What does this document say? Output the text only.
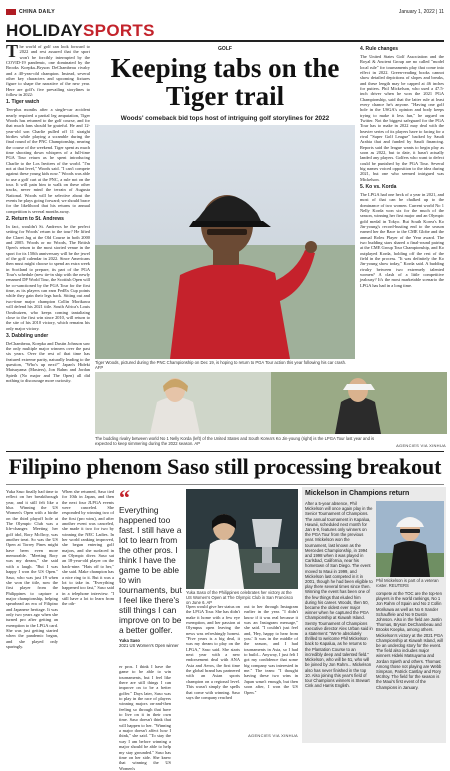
CHINA DAILY	January 1, 2022 | 11
HOLIDAYSPORTS

The world of golf can look forward to 2022 and rest assured that the sport won't be forcibly interrupted by the COVID-19 pandemic, one dominated by the Brooks Koepka–Bryson DeChambeau rivalry and a 40-year-old champion. Instead, several other key characters and upcoming fixtures figure to shape the narrative of the new year. Here are golf's five prevailing storylines to follow in 2022:

1. Tiger watch

Ten-plus months after a single-car accident nearly required a partial leg amputation, Tiger Woods has returned to the golf course, and for that much fans should be grateful. He and 12-year-old son Charlie pulled off 11 straight birdies while playing a scramble during the final round of the PNC Championship, nearing the course of the weekend. Tiger spent as much time shooting down whispers of a full-time PGA Tour return as he spent introducing Charlie to the Los Invitees of the world. "I'm not at that level," Woods said. "I can't compete against these young kids now." Woods was able to use a golf cart at the PNC, a rule not on the tour. It will pain him to walk on these other tracks, never mind the terrain of Augusta National. Woods will be selective about the events he plays going forward; we should brace for the likelihood that his returns to annual competition is several months away.

2. Return to St. Andrews

In fact, wouldn't St. Andrews be the perfect setting for Woods' return to the tour? He lifted the Claret Jug at the Old Course in both 2000 and 2005. Woods or no Woods, The British Open's return to the most storied venue in the sport for its 150th anniversary will be the jewel of the golf calendar in 2022. Since Americans then must might choose to spend an extra week in Scotland to prepare, its part of the PGA Tour's schedule (new tie-in ship with the newly renamed DP World Tour, the Scottish Open will be co-sanctioned by the PGA Tour for the first time, as its players can earn FedEx Cup points while they gain their legs back. Sitting out and two-time major champion Collin Morikawa will defend his 2021 title. South Africa's Louis Oosthuizen, who keeps coming tantalizing close to the first win since 2010, will return to the site of his 2010 victory, which remains his only major victory.

3. Dabbling under

DeChambeau, Koepka and Dustin Johnson saw the only multiple major winners over the past six years. Over the rest of that time has featured extreme parity, naturally leading to the question, "Who's up next?" Japan's Hideki Matsuyama (Masters), Jon Rahm and Jordan Spieth (No major and The Open) all did nothing to discourage more curiosity.

GOLF
Keeping tabs on the Tiger trail
Woods' comeback bid tops host of intriguing golf storylines for 2022
Tiger Woods, pictured during the PNC Championship on Dec 19, is hoping to return to PGA Tour action this year following his car crash. AFP
The budding rivalry between world No 1 Nelly Korda (left) of the United States and South Korea's Ko Jin-young (right) is the LPGA Tour last year and is expected to keep simmering during the 2022 season. AP	AGENCIES VIA XINHUA
4. Rule changes

The United States Golf Association and the Royal & Ancient Group are no called "model local rule" for tournaments play that come into effect in 2022. Green-reading books cannot show detailed depictions of slopes and breaks, and these length may be capped at 46 inches for putters. Phil Mickelson, who used a 47.5-inch driver when he won the 2021 PGA Championship, said that the latter rule at least every chance he's anyone. "Having one golf hole in the USGA's opinion and body keeps trying to make it less fun," he argued on Twitter. Not the biggest safeguard for the PGA Tour has to make in 2022 may deal with the heavier series of its players have to facing for a rival "Super Golf League" backed by Saudi Arabia that and funded by Saudi financing. Reports said the league wants to begin play as soon as 2022, but to date, it hasn't actually landed any players. Golfers who want to defect could be punished by the PGA Tour. Several big names voiced opposition to the idea during 2021, but one who seemed intrigued was Mickelson.

5. Ko vs. Korda

The LPGA had one heck of a year in 2021, and most of that can be chalked up to the dominance of two women. Current world No 1 Nelly Korda won six for the much of the season, winning her first major and an Olympic gold medal in Tokyo. But South Korea's Ko Jin-young's record-busting end to the season earned her the Race to the CME Globe and the annual Rolex Player of the Year award. The two budding stars shared a final-round pairing at the CME Group Tour Championship, and Ko outplayed Korda, holding off the rest of the field in the process. "It was definitely the Ko Jin-young show today," Korda said. A budding rivalry between two extremely talented women? A clash of a little competitive jealousy? It's the most marketable scenario the LPGA has had in a long time.

Filipino phenom Saso still processing breakout

Yuka Saso finally had time to reflect on her breakthrough year, and it still felt like a blur. Winning the US Women's Open with a birdie on the third playoff hole at The Olympic Club was a life-changer. Meeting her golf idol, Rory McIlroy, was another treat. So was the US Open at Torrey Pines might have been even more memorable. "Meeting Rory was my dream," she said with a laugh. "But I was happy I won the US Open." Saso, who was just 19 when she won the title, now the first player from the Philippines to capture a major championship, helping spearhead an era of Filipino and Japanese heritage. It was only two years ago when she turned pro after getting an exemption to the LPGA card. She was just getting started when the pandemic began, and she played only sparingly.

When she returned, Saso tied for 10th in Japan, and then the next four JLPGA events were canceled. She responded by winning two of the first (pro wins), and after another event was canceled, she made it two for two by winning the NEC Ladies. In her world ranking improved, she began entering golf majors, and she surfaced in an Olympic diver. Saso sat an 18-year-old player on the back-nine. "Hats off to her," she said. Make champion has a nice ring to it. But it was a lot to take in. "Everything happened too fast," Saso said in a telephone interview. "I still have a lot to learn from the oth-

“
Everything happened too fast. I still have a lot to learn from the other pros. I think I have the game to be able to win tournaments, but I feel like there's still things I can improve on to be a better golfer.
Yuka Saso
2021 US Women's Open winner

er pros. I think I have the game to be able to win tournaments, but I feel like there are still things I can improve on to be a better golfer." Days later, Saso was to play in the race of players winning majors on-and-then feeling so through that have to live on it in their own time. Saso doesn't think that will happen to her. "Winning a major doesn't affect how I think," she said. "To stay the way I am before winning a major should be able to help my stay grounded." Saso has time on her side. She knew that winning the US Women's

Yuka Saso of the Philippines celebrates her victory at the US Women's Open at The Olympic Club in San Francisco on June 6. AP

Open would give her status on the LPGA Tour. She has didn't make it home with a few eye exemption, and her passion at Olympus open leaving the news was refreshingly honest. "Five years is a big deal, it was my dream to play on the LPGA," Saso said. She starts next year with a new endorsement deal with ANA Asia and Aeros, the first time the global brand has partnered with an Asian sports champion on a regional level. This wasn't simply the spells that come with winning. Saso says the company reached

out to her through Instagram earlier in the year. "I didn't know if it was real because it was an Instagram message," she said. "I couldn't just feel and, 'Hey, happy to hear from you.' It was in the middle of the season, and I had tournaments in Asia, so I had to build... Anyway, I just felt I got my confidence that some big company was interested in me." The team: "I thought having these two wins in Japan wasn't enough, but then soon after, I won the US Open."

AGENCIES VIA XINHUA
Mickelson in Champions return

After a 5-year absence, Phil Mickelson will once again play in the Senior Tournament of Champions. The annual tournament in Kapalua, Hawaii, scheduled next month for Jan 6-9, features only winners on the PGA Tour from the previous year. Mickelson won the tournament, last known as the Mercedes Championship, in 1994 and 1998 when it was played in Carlsbad, California, near his hometown of San Diego. The event moved to Maui in 1999, and Mickelson last competed in it in 2001, though he had been eligible to play there several times since then. Winning the event has been one of the few things that eluded him during his career. Woods, then 50, became the oldest ever major winner when he captured the PGA Championship at Kiawah Island. Sentry Tournament of Champions executive director Alex Urban said in a statement: "We're absolutely thrilled to welcome Phil Mickelson back to Kapalua, as he returns to the Plantation Course to an incredibly deep and talented field." Mickelson, who will be 51, who will be joined by Jon Rahm... Mickelson also has never finished in the top 10. Also joining this year's field of tour Champions winners is Stewart Cink and Harris English.

Phil Mickelson is part of a veteran roster. REUTERS

compete at the TOC are the top-ten players in the world rankings, No 1 Jon Rahm of Spain and No 2 Collin Morikawa as well as No 6 Xander Schauffele and No 9 Dustin Johnson. Also in the field are Justin Thomas, Bryson DeChambeau and Brooks Koepka, among others. Mickelson's victory at the 2021 PGA Championship at Kiawah Island, will be an underdog story for the event. The field also includes major winners Hideki Matsuyama and Jordan Spieth and others. Thomas: Among those not playing are Webb Simpson, Patrick Cantlay and Rory McIlroy. The field for the season is the Maui's first event of the Champions in January.
